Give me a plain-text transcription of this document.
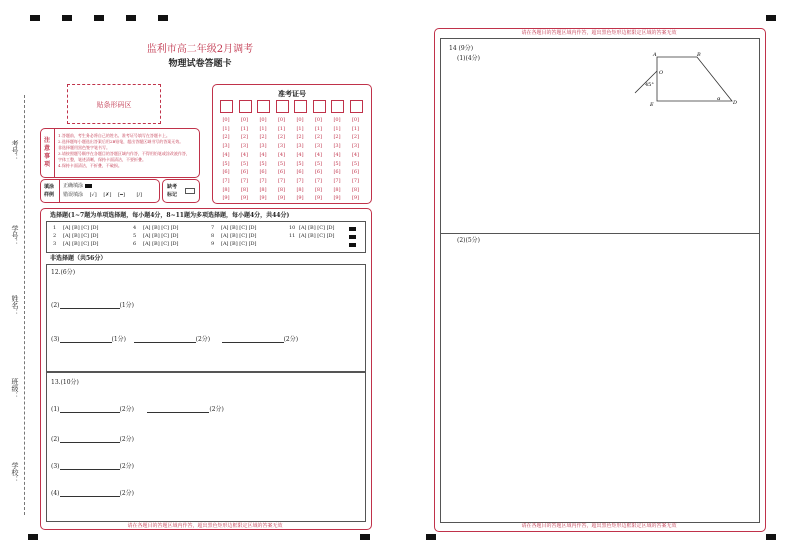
考号：
学号：
姓名：
班级：
学校：
监利市高二年级2月调考
物理试卷答题卡
贴条形码区
准考证号
[0]
[1]
[2]
[3]
[4]
[5]
[6]
[7]
[8]
[9]
[0]
[1]
[2]
[3]
[4]
[5]
[6]
[7]
[8]
[9]
[0]
[1]
[2]
[3]
[4]
[5]
[6]
[7]
[8]
[9]
[0]
[1]
[2]
[3]
[4]
[5]
[6]
[7]
[8]
[9]
[0]
[1]
[2]
[3]
[4]
[5]
[6]
[7]
[8]
[9]
[0]
[1]
[2]
[3]
[4]
[5]
[6]
[7]
[8]
[9]
[0]
[1]
[2]
[3]
[4]
[5]
[6]
[7]
[8]
[9]
[0]
[1]
[2]
[3]
[4]
[5]
[6]
[7]
[8]
[9]
注意事项
1.答题前，考生务必将自己的姓名、准考证号填写在答题卡上。
2.选择题每小题选出答案后用2B铅笔，超出答题区域书写的答案无效。
非选择题用黑色签字笔书写。
3.请按照题号顺序在各题目的答题区域内作答，不得用铅笔或涂改液作答，
字体工整，笔迹清晰，保持卡面清洁，不要折叠。
4.保持卡面清洁，不折叠，不破损。
填涂样例
正确填涂
错误填涂　 [✓]　 [✗]　 [━]　　 [/]
缺考标记
选择题(1~7题为单项选择题，每小题4分，8~11题为多项选择题，每小题4分，共44分)
1 [A] [B] [C] [D]
2 [A] [B] [C] [D]
3 [A] [B] [C] [D]
4 [A] [B] [C] [D]
5 [A] [B] [C] [D]
6 [A] [B] [C] [D]
7 [A] [B] [C] [D]
8 [A] [B] [C] [D]
9 [A] [B] [C] [D]
10 [A] [B] [C] [D]
11 [A] [B] [C] [D]
非选择题（共56分）
12.(6分)
(2)	(1分)
(3)	(1分)	(2分)	(2分)
13.(10分)
(1)	(2分)	(2分)
(2)	(2分)
(3)	(2分)
(4)	(2分)
请在各题目的答题区域内作答，超出黑色矩形边框限定区域的答案无效
请在各题目的答题区域内作答，超出黑色矩形边框限定区域的答案无效
14 (9分)
(1)(4分)
(2)(5分)
A	B
O
45°
E
α
D
请在各题目的答题区域内作答，超出黑色矩形边框限定区域的答案无效
